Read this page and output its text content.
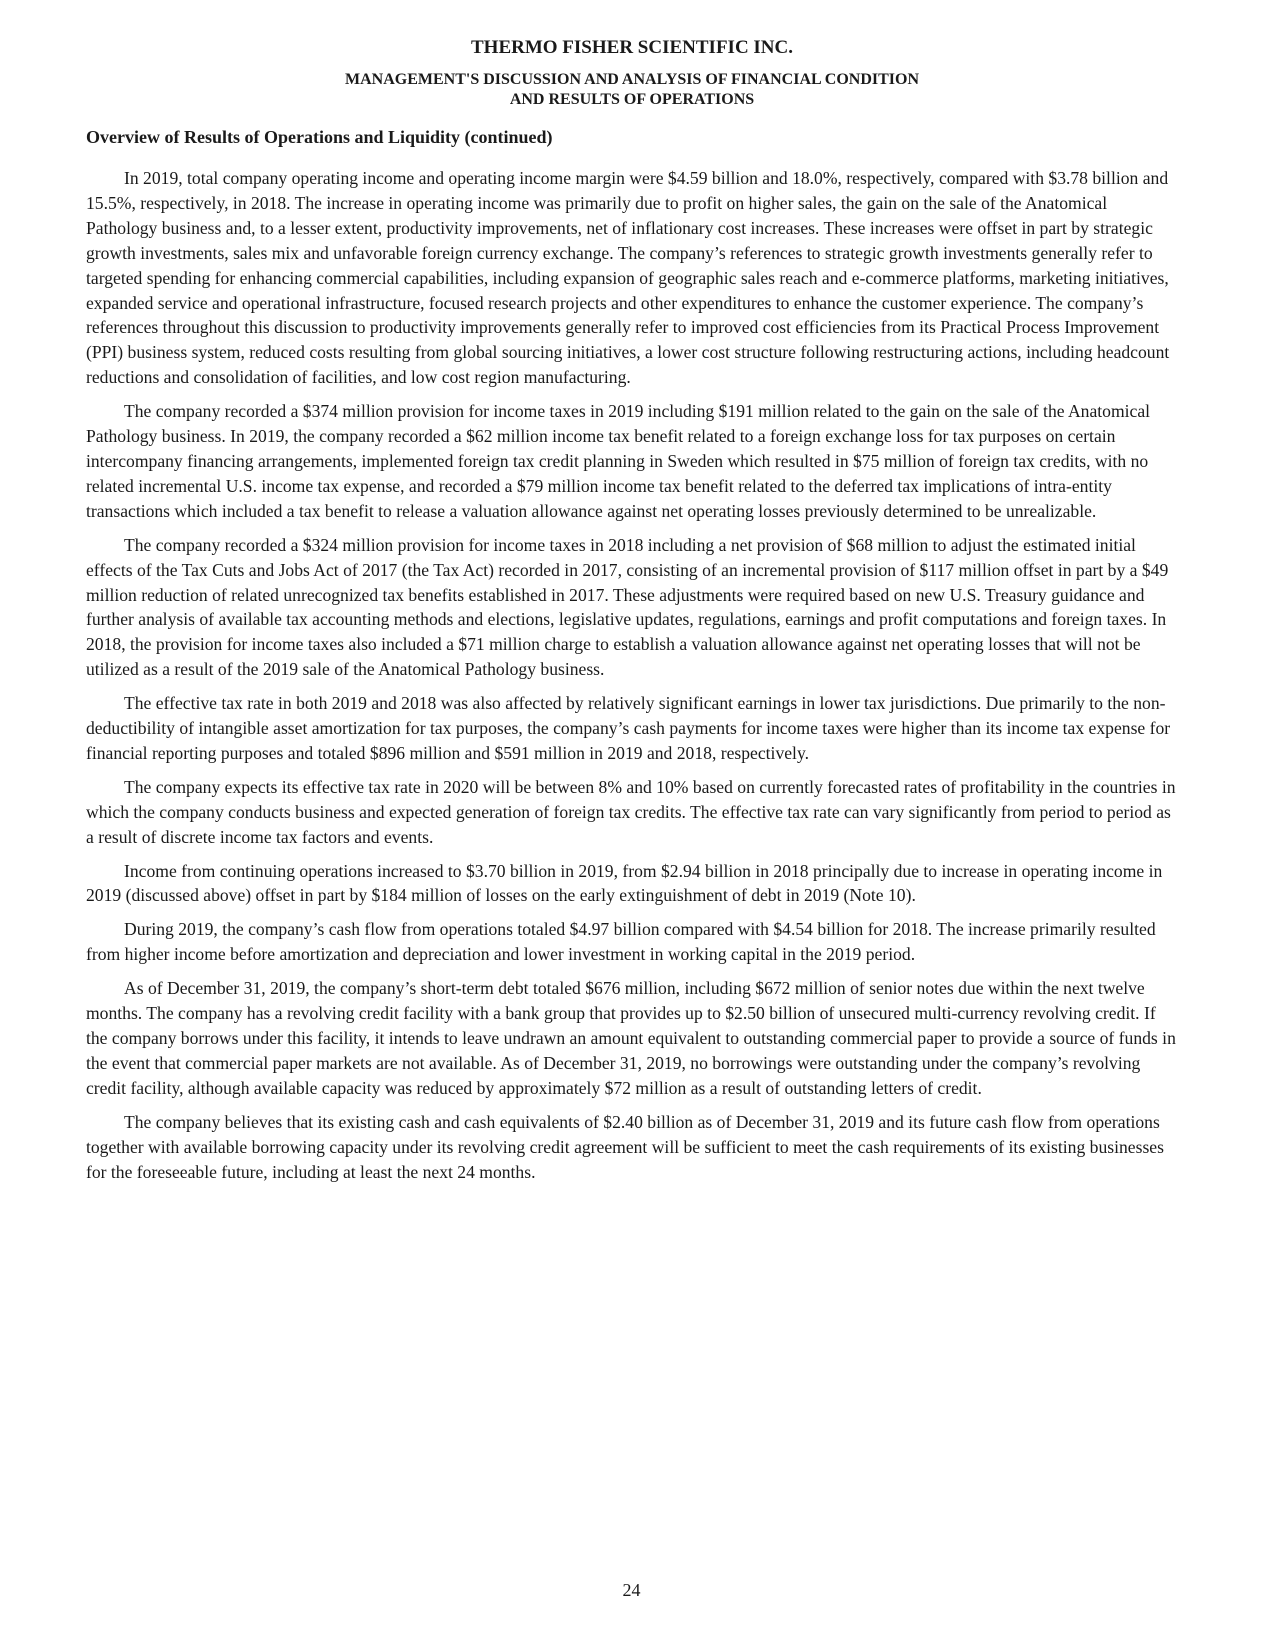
THERMO FISHER SCIENTIFIC INC.
MANAGEMENT'S DISCUSSION AND ANALYSIS OF FINANCIAL CONDITION
AND RESULTS OF OPERATIONS
Overview of Results of Operations and Liquidity (continued)

In 2019, total company operating income and operating income margin were $4.59 billion and 18.0%, respectively, compared with $3.78 billion and 15.5%, respectively, in 2018. The increase in operating income was primarily due to profit on higher sales, the gain on the sale of the Anatomical Pathology business and, to a lesser extent, productivity improvements, net of inflationary cost increases. These increases were offset in part by strategic growth investments, sales mix and unfavorable foreign currency exchange. The company’s references to strategic growth investments generally refer to targeted spending for enhancing commercial capabilities, including expansion of geographic sales reach and e-commerce platforms, marketing initiatives, expanded service and operational infrastructure, focused research projects and other expenditures to enhance the customer experience. The company’s references throughout this discussion to productivity improvements generally refer to improved cost efficiencies from its Practical Process Improvement (PPI) business system, reduced costs resulting from global sourcing initiatives, a lower cost structure following restructuring actions, including headcount reductions and consolidation of facilities, and low cost region manufacturing.

The company recorded a $374 million provision for income taxes in 2019 including $191 million related to the gain on the sale of the Anatomical Pathology business. In 2019, the company recorded a $62 million income tax benefit related to a foreign exchange loss for tax purposes on certain intercompany financing arrangements, implemented foreign tax credit planning in Sweden which resulted in $75 million of foreign tax credits, with no related incremental U.S. income tax expense, and recorded a $79 million income tax benefit related to the deferred tax implications of intra-entity transactions which included a tax benefit to release a valuation allowance against net operating losses previously determined to be unrealizable.

The company recorded a $324 million provision for income taxes in 2018 including a net provision of $68 million to adjust the estimated initial effects of the Tax Cuts and Jobs Act of 2017 (the Tax Act) recorded in 2017, consisting of an incremental provision of $117 million offset in part by a $49 million reduction of related unrecognized tax benefits established in 2017. These adjustments were required based on new U.S. Treasury guidance and further analysis of available tax accounting methods and elections, legislative updates, regulations, earnings and profit computations and foreign taxes. In 2018, the provision for income taxes also included a $71 million charge to establish a valuation allowance against net operating losses that will not be utilized as a result of the 2019 sale of the Anatomical Pathology business.

The effective tax rate in both 2019 and 2018 was also affected by relatively significant earnings in lower tax jurisdictions. Due primarily to the non-deductibility of intangible asset amortization for tax purposes, the company’s cash payments for income taxes were higher than its income tax expense for financial reporting purposes and totaled $896 million and $591 million in 2019 and 2018, respectively.

The company expects its effective tax rate in 2020 will be between 8% and 10% based on currently forecasted rates of profitability in the countries in which the company conducts business and expected generation of foreign tax credits. The effective tax rate can vary significantly from period to period as a result of discrete income tax factors and events.

Income from continuing operations increased to $3.70 billion in 2019, from $2.94 billion in 2018 principally due to increase in operating income in 2019 (discussed above) offset in part by $184 million of losses on the early extinguishment of debt in 2019 (Note 10).

During 2019, the company’s cash flow from operations totaled $4.97 billion compared with $4.54 billion for 2018. The increase primarily resulted from higher income before amortization and depreciation and lower investment in working capital in the 2019 period.

As of December 31, 2019, the company’s short-term debt totaled $676 million, including $672 million of senior notes due within the next twelve months. The company has a revolving credit facility with a bank group that provides up to $2.50 billion of unsecured multi-currency revolving credit. If the company borrows under this facility, it intends to leave undrawn an amount equivalent to outstanding commercial paper to provide a source of funds in the event that commercial paper markets are not available. As of December 31, 2019, no borrowings were outstanding under the company’s revolving credit facility, although available capacity was reduced by approximately $72 million as a result of outstanding letters of credit.

The company believes that its existing cash and cash equivalents of $2.40 billion as of December 31, 2019 and its future cash flow from operations together with available borrowing capacity under its revolving credit agreement will be sufficient to meet the cash requirements of its existing businesses for the foreseeable future, including at least the next 24 months.

24
